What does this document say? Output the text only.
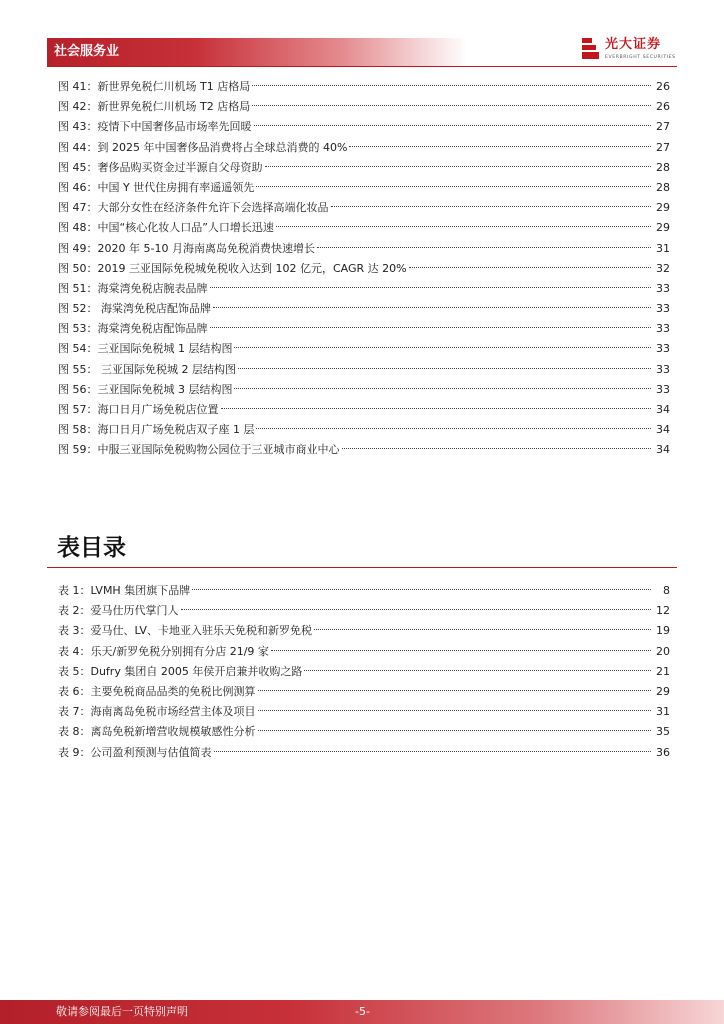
社会服务业	光大证券
EVERBRIGHT SECURITIES
图 41：新世界免税仁川机场 T1 店格局	26
图 42：新世界免税仁川机场 T2 店格局	26
图 43：疫情下中国奢侈品市场率先回暖	27
图 44：到 2025 年中国奢侈品消费将占全球总消费的 40%	27
图 45：奢侈品购买资金过半源自父母资助	28
图 46：中国 Y 世代住房拥有率遥遥领先	28
图 47：大部分女性在经济条件允许下会选择高端化妆品	29
图 48：中国“核心化妆人口品”人口增长迅速	29
图 49：2020 年 5-10 月海南离岛免税消费快速增长	31
图 50：2019 三亚国际免税城免税收入达到 102 亿元，CAGR 达 20%	32
图 51：海棠湾免税店腕表品牌	33
图 52： 海棠湾免税店配饰品牌	33
图 53：海棠湾免税店配饰品牌	33
图 54：三亚国际免税城 1 层结构图	33
图 55： 三亚国际免税城 2 层结构图	33
图 56：三亚国际免税城 3 层结构图	33
图 57：海口日月广场免税店位置	34
图 58：海口日月广场免税店双子座 1 层	34
图 59：中服三亚国际免税购物公园位于三亚城市商业中心	34
表目录
表 1：LVMH 集团旗下品牌	8
表 2：爱马仕历代掌门人	12
表 3：爱马仕、LV、卡地亚入驻乐天免税和新罗免税	19
表 4：乐天/新罗免税分别拥有分店 21/9 家	20
表 5：Dufry 集团自 2005 年侯开启兼并收购之路	21
表 6：主要免税商品品类的免税比例测算	29
表 7：海南离岛免税市场经营主体及项目	31
表 8：离岛免税新增营收规模敏感性分析	35
表 9：公司盈利预测与估值简表	36
敬请参阅最后一页特别声明	-5-
